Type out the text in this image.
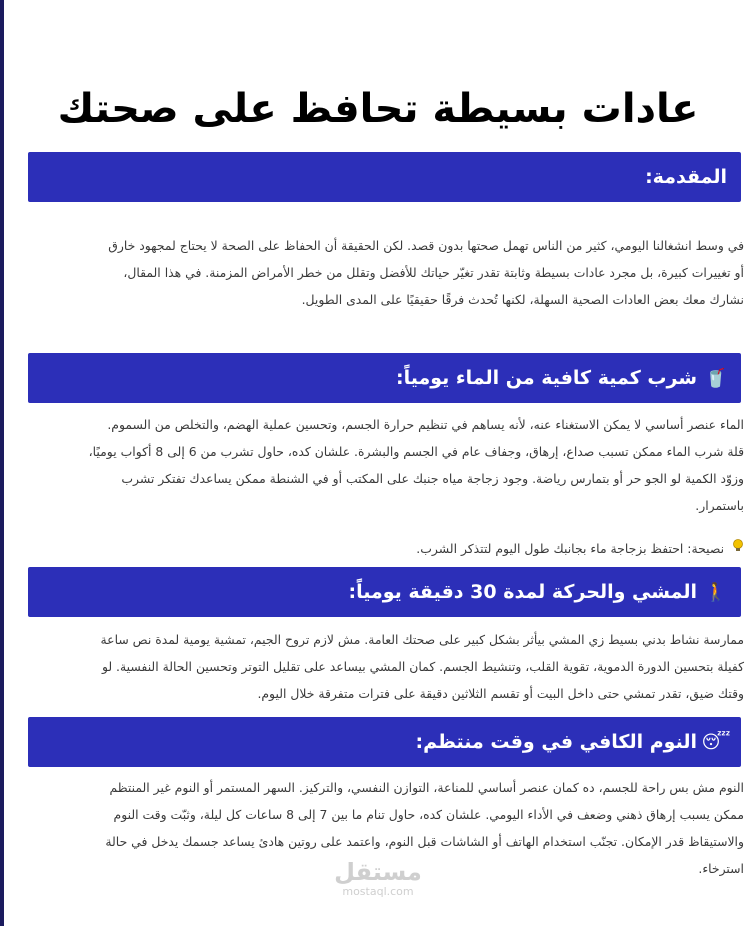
عادات بسيطة تحافظ على صحتك
المقدمة:

في وسط انشغالنا اليومي، كثير من الناس تهمل صحتها بدون قصد. لكن الحقيقة أن الحفاظ على الصحة لا يحتاج لمجهود خارق

أو تغييرات كبيرة، بل مجرد عادات بسيطة وثابتة تقدر تغيّر حياتك للأفضل وتقلل من خطر الأمراض المزمنة. في هذا المقال،

نشارك معك بعض العادات الصحية السهلة، لكنها تُحدث فرقًا حقيقيًا على المدى الطويل.

🥤
شرب كمية كافية من الماء يومياً:

الماء عنصر أساسي لا يمكن الاستغناء عنه، لأنه يساهم في تنظيم حرارة الجسم، وتحسين عملية الهضم، والتخلص من السموم.

قلة شرب الماء ممكن تسبب صداع، إرهاق، وجفاف عام في الجسم والبشرة. علشان كده، حاول تشرب من 6 إلى 8 أكواب يوميًا،

وزوّد الكمية لو الجو حر أو بتمارس رياضة. وجود زجاجة مياه جنبك على المكتب أو في الشنطة ممكن يساعدك تفتكر تشرب

باستمرار.

نصيحة: احتفظ بزجاجة ماء بجانبك طول اليوم لتتذكر الشرب.
🚶
المشي والحركة لمدة 30 دقيقة يومياً:

ممارسة نشاط بدني بسيط زي المشي بيأثر بشكل كبير على صحتك العامة. مش لازم تروح الجيم، تمشية يومية لمدة نص ساعة

كفيلة بتحسين الدورة الدموية، تقوية القلب، وتنشيط الجسم. كمان المشي بيساعد على تقليل التوتر وتحسين الحالة النفسية. لو

وقتك ضيق، تقدر تمشي حتى داخل البيت أو تقسم الثلاثين دقيقة على فترات متفرقة خلال اليوم.

😴
النوم الكافي في وقت منتظم:

النوم مش بس راحة للجسم، ده كمان عنصر أساسي للمناعة، التوازن النفسي، والتركيز. السهر المستمر أو النوم غير المنتظم

ممكن يسبب إرهاق ذهني وضعف في الأداء اليومي. علشان كده، حاول تنام ما بين 7 إلى 8 ساعات كل ليلة، وثبّت وقت النوم

والاستيقاظ قدر الإمكان. تجنّب استخدام الهاتف أو الشاشات قبل النوم، واعتمد على روتين هادئ يساعد جسمك يدخل في حالة

استرخاء.

مستقل
mostaql.com
